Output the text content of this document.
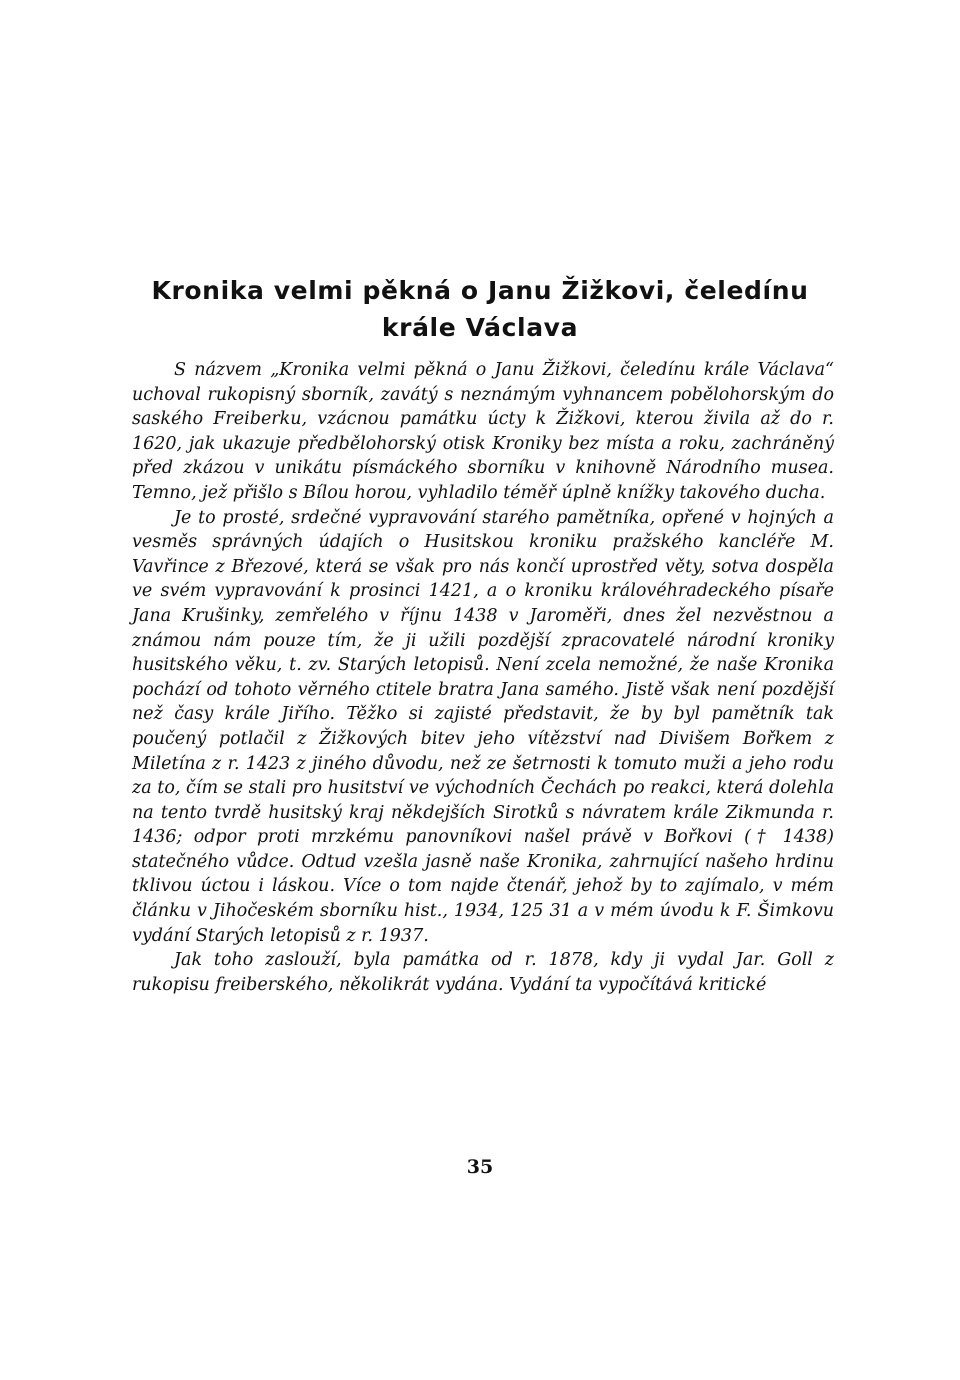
Kronika velmi pěkná o Janu Žižkovi, čeledínu
krále Václava

S názvem „Kronika velmi pěkná o Janu Žižkovi, čeledínu krále Václava“ uchoval rukopisný sborník, zavátý s neznámým vyhnancem pobělohorským do saského Freiberku, vzácnou památku úcty k Žižkovi, kterou živila až do r. 1620, jak ukazuje předbělohorský otisk Kroniky bez místa a roku, zachráněný před zkázou v unikátu písmáckého sborníku v knihovně Národního musea. Temno, jež přišlo s Bílou horou, vyhladilo téměř úplně knížky takového ducha.

Je to prosté, srdečné vypravování starého pamětníka, opřené v hojných a vesměs správných údajích o Husitskou kroniku pražského kancléře M. Vavřince z Březové, která se však pro nás končí uprostřed věty, sotva dospěla ve svém vypravování k prosinci 1421, a o kroniku královéhradeckého písaře Jana Krušinky, zemřelého v říjnu 1438 v Jaroměři, dnes žel nezvěstnou a známou nám pouze tím, že ji užili pozdější zpracovatelé národní kroniky husitského věku, t. zv. Starých letopisů. Není zcela nemožné, že naše Kronika pochází od tohoto věrného ctitele bratra Jana samého. Jistě však není pozdější než časy krále Jiřího. Těžko si zajisté představit, že by byl pamětník tak poučený potlačil z Žižkových bitev jeho vítězství nad Divišem Bořkem z Miletína z r. 1423 z jiného důvodu, než ze šetrnosti k tomuto muži a jeho rodu za to, čím se stali pro husitství ve východních Čechách po reakci, která dolehla na tento tvrdě husitský kraj někdejších Sirotků s návratem krále Zikmunda r. 1436; odpor proti mrzkému panovníkovi našel právě v Bořkovi († 1438) statečného vůdce. Odtud vzešla jasně naše Kronika, zahrnující našeho hrdinu tklivou úctou i láskou. Více o tom najde čtenář, jehož by to zajímalo, v mém článku v Jihočeském sborníku hist., 1934, 125 31 a v mém úvodu k F. Šimkovu vydání Starých letopisů z r. 1937.

Jak toho zaslouží, byla památka od r. 1878, kdy ji vydal Jar. Goll z rukopisu freiberského, několikrát vydána. Vydání ta vypočítává kritické

35
